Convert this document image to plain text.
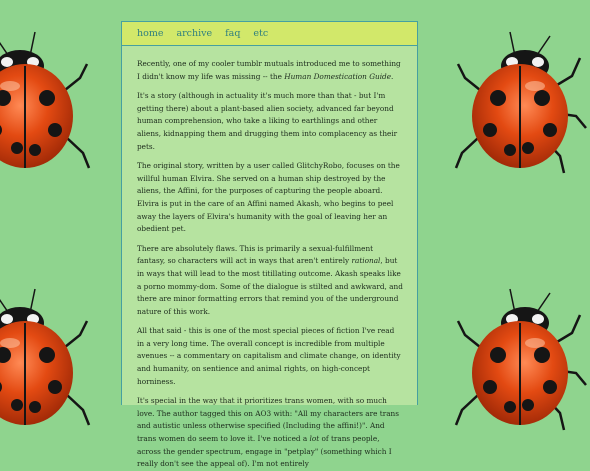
home archive faq etc

Recently, one of my cooler tumblr mutuals introduced me to something I didn't know my life was missing -- the Human Domestication Guide.

It's a story (although in actuality it's much more than that - but I'm getting there) about a plant-based alien society, advanced far beyond human comprehension, who take a liking to earthlings and other aliens, kidnapping them and drugging them into complacency as their pets.

The original story, written by a user called GlitchyRobo, focuses on the willful human Elvira. She served on a human ship destroyed by the aliens, the Affini, for the purposes of capturing the people aboard. Elvira is put in the care of an Affini named Akash, who begins to peel away the layers of Elvira's humanity with the goal of leaving her an obedient pet.

There are absolutely flaws. This is primarily a sexual-fulfillment fantasy, so characters will act in ways that aren't entirely rational, but in ways that will lead to the most titillating outcome. Akash speaks like a porno mommy-dom. Some of the dialogue is stilted and awkward, and there are minor formatting errors that remind you of the underground nature of this work.

All that said - this is one of the most special pieces of fiction I've read in a very long time. The overall concept is incredible from multiple avenues -- a commentary on capitalism and climate change, on identity and humanity, on sentience and animal rights, on high-concept horniness.

It's special in the way that it prioritizes trans women, with so much love. The author tagged this on AO3 with: "All my characters are trans and autistic unless otherwise specified (Including the affini!)". And trans women do seem to love it. I've noticed a lot of trans people, across the gender spectrum, engage in "petplay" (something which I really don't see the appeal of). I'm not entirely
